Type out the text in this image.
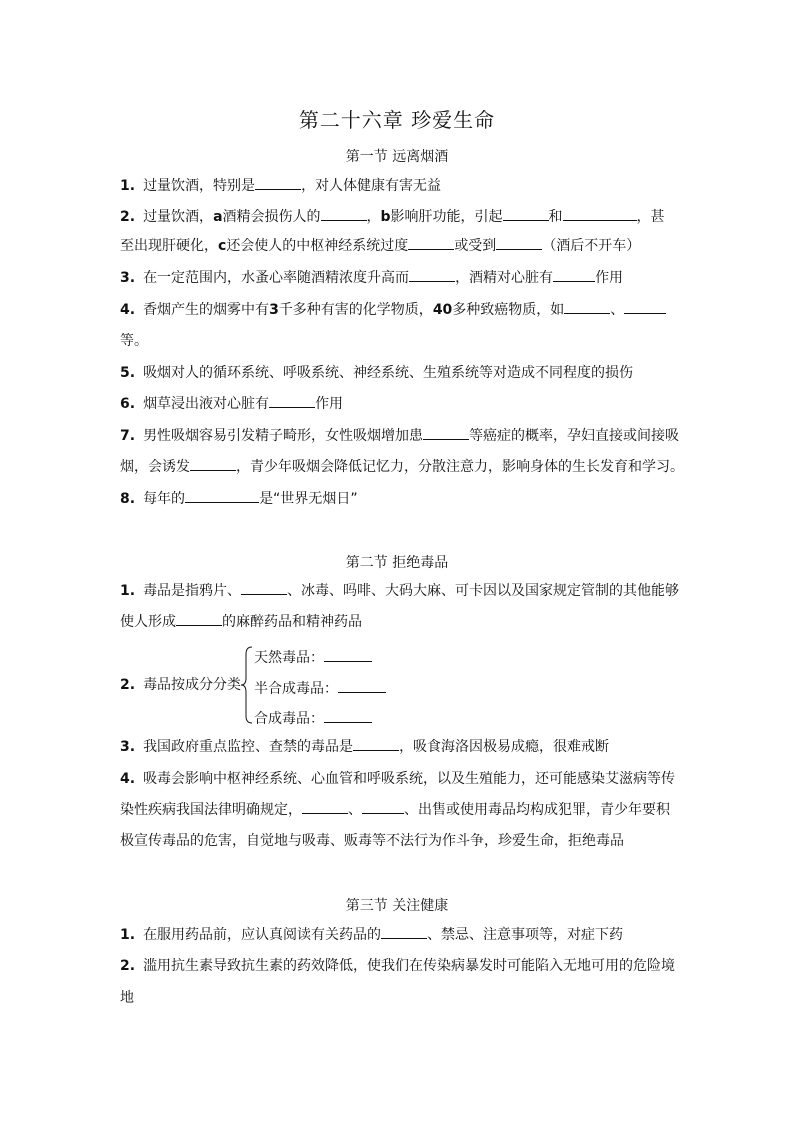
第二十六章 珍爱生命
第一节 远离烟酒
1. 过量饮酒，特别是	，对人体健康有害无益
2. 过量饮酒，a酒精会损伤人的	，b影响肝功能，引起	和	，甚
至出现肝硬化，c还会使人的中枢神经系统过度	或受到	（酒后不开车）
3. 在一定范围内，水蚤心率随酒精浓度升高而	，酒精对心脏有	作用
4. 香烟产生的烟雾中有3千多种有害的化学物质，40多种致癌物质，如	、
等。
5. 吸烟对人的循环系统、呼吸系统、神经系统、生殖系统等对造成不同程度的损伤
6. 烟草浸出液对心脏有	作用
7. 男性吸烟容易引发精子畸形，女性吸烟增加患	等癌症的概率，孕妇直接或间接吸
烟，会诱发	，青少年吸烟会降低记忆力，分散注意力，影响身体的生长发育和学习。
8. 每年的	是“世界无烟日”
第二节 拒绝毒品
1. 毒品是指鸦片、	、冰毒、吗啡、大码大麻、可卡因以及国家规定管制的其他能够
使人形成	的麻醉药品和精神药品
2. 毒品按成分分类
天然毒品：
半合成毒品：
合成毒品：
3. 我国政府重点监控、查禁的毒品是	，吸食海洛因极易成瘾，很难戒断
4. 吸毒会影响中枢神经系统、心血管和呼吸系统，以及生殖能力，还可能感染艾滋病等传
染性疾病我国法律明确规定，	、	、出售或使用毒品均构成犯罪，青少年要积
极宣传毒品的危害，自觉地与吸毒、贩毒等不法行为作斗争，珍爱生命，拒绝毒品
第三节 关注健康
1. 在服用药品前，应认真阅读有关药品的	、禁忌、注意事项等，对症下药
2. 滥用抗生素导致抗生素的药效降低，使我们在传染病暴发时可能陷入无地可用的危险境
地
